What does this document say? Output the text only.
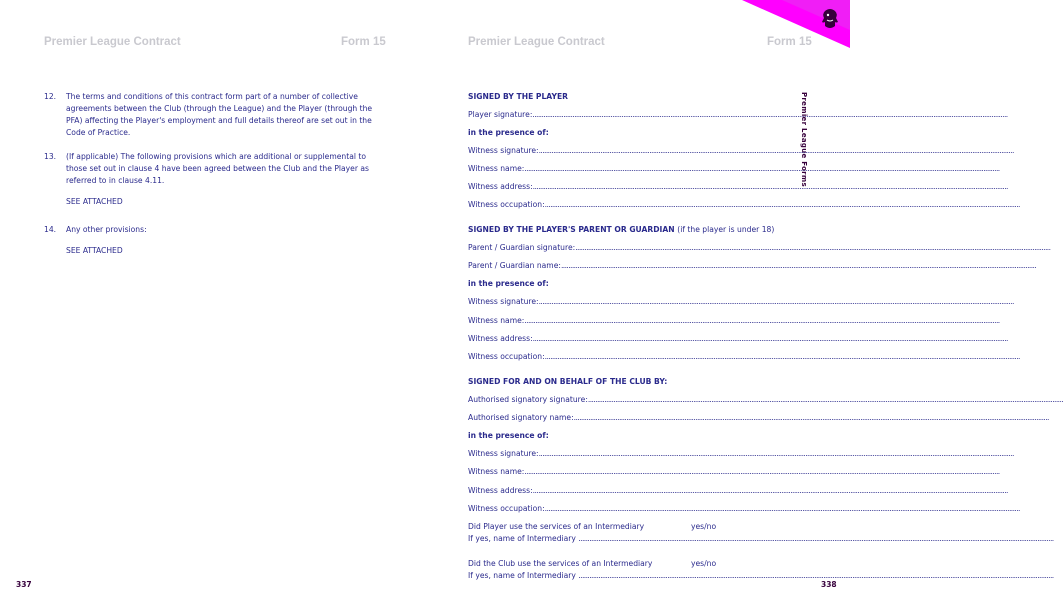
Premier League Contract	Form 15	Premier League Contract	Form 15
Premier League Forms
12. The terms and conditions of this contract form part of a number of collective agreements between the Club (through the League) and the Player (through the PFA) affecting the Player's employment and full details thereof are set out in the Code of Practice.
13. (If applicable) The following provisions which are additional or supplemental to those set out in clause 4 have been agreed between the Club and the Player as referred to in clause 4.11.
SEE ATTACHED
14. Any other provisions:
SEE ATTACHED
SIGNED BY THE PLAYER
Player signature: .....
in the presence of:
Witness signature: .....
Witness name: .....
Witness address: .....
Witness occupation: .....
SIGNED BY THE PLAYER'S PARENT OR GUARDIAN (if the player is under 18)
Parent / Guardian signature: .....
Parent / Guardian name: .....
in the presence of:
Witness signature: .....
Witness name: .....
Witness address: .....
Witness occupation: .....
SIGNED FOR AND ON BEHALF OF THE CLUB BY:
Authorised signatory signature: .....
Authorised signatory name: .....
in the presence of:
Witness signature: .....
Witness name: .....
Witness address: .....
Witness occupation: .....
Did Player use the services of an Intermediary	yes/no
If yes, name of Intermediary .....
Did the Club use the services of an Intermediary	yes/no
If yes, name of Intermediary .....
337	338
